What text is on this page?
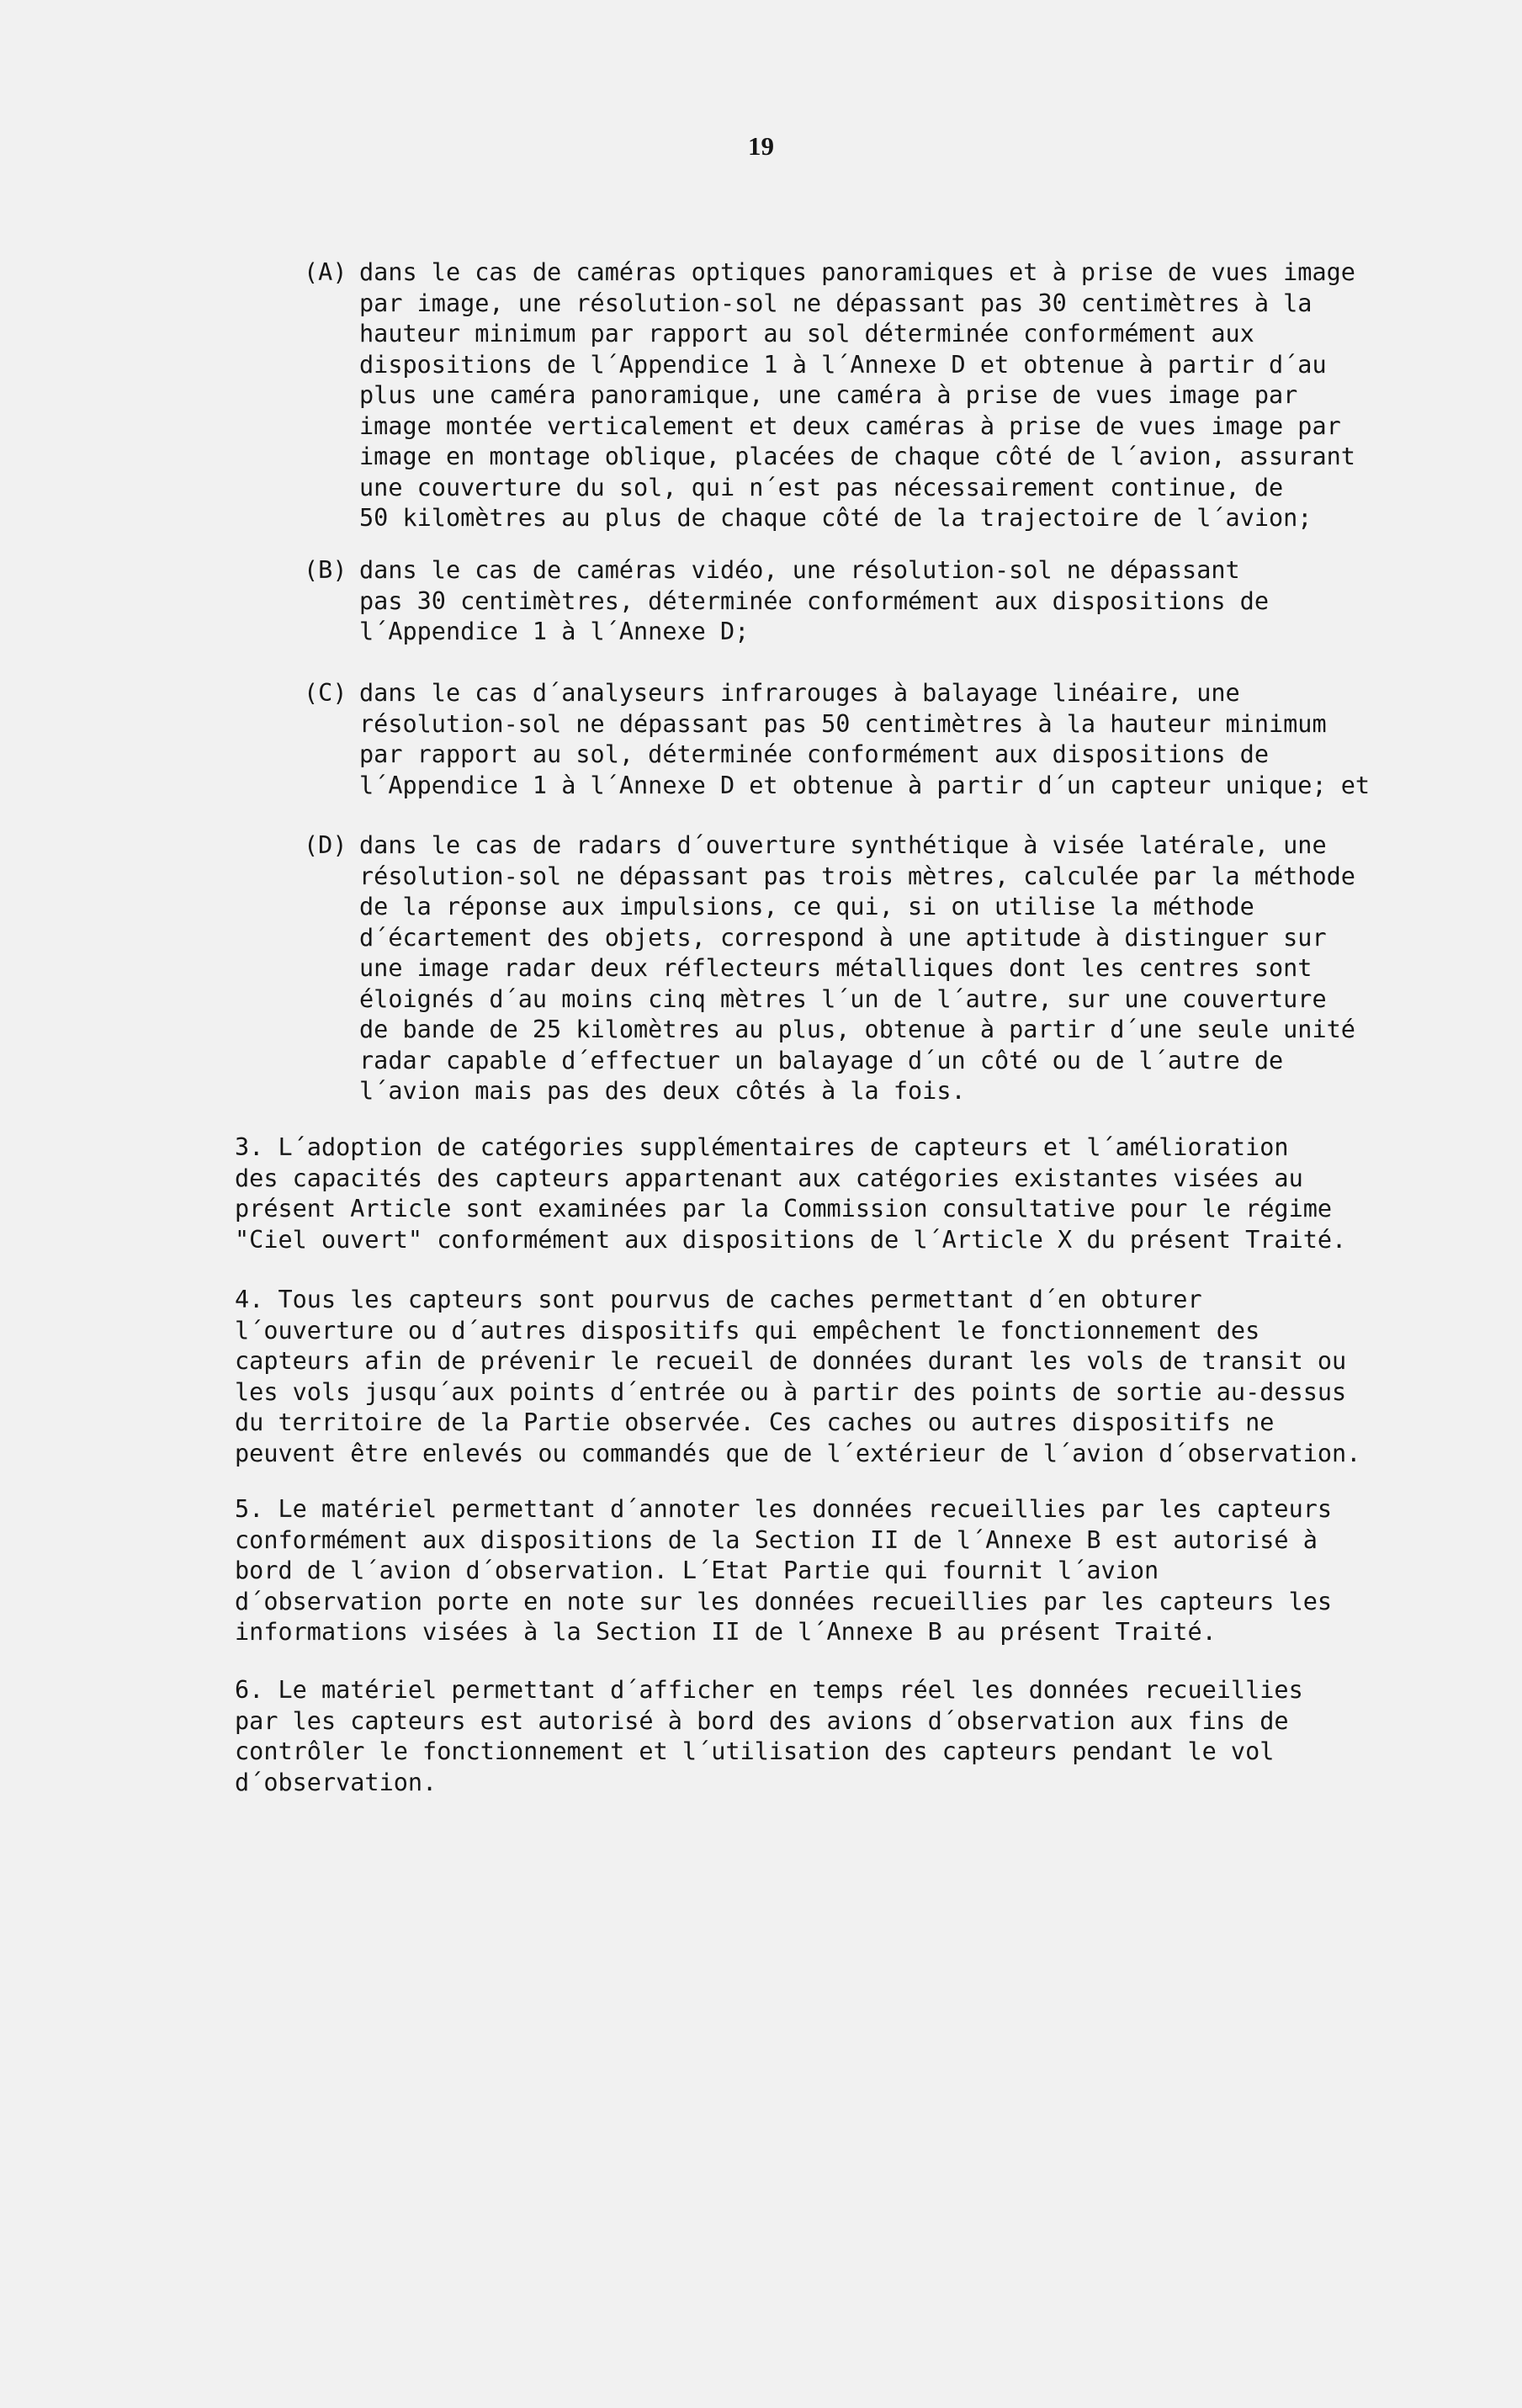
19
(A) dans le cas de caméras optiques panoramiques et à prise de vues image
par image, une résolution-sol ne dépassant pas 30 centimètres à la
hauteur minimum par rapport au sol déterminée conformément aux
dispositions de l´Appendice 1 à l´Annexe D et obtenue à partir d´au
plus une caméra panoramique, une caméra à prise de vues image par
image montée verticalement et deux caméras à prise de vues image par
image en montage oblique, placées de chaque côté de l´avion, assurant
une couverture du sol, qui n´est pas nécessairement continue, de
50 kilomètres au plus de chaque côté de la trajectoire de l´avion;
(B) dans le cas de caméras vidéo, une résolution-sol ne dépassant
pas 30 centimètres, déterminée conformément aux dispositions de
l´Appendice 1 à l´Annexe D;
(C) dans le cas d´analyseurs infrarouges à balayage linéaire, une
résolution-sol ne dépassant pas 50 centimètres à la hauteur minimum
par rapport au sol, déterminée conformément aux dispositions de
l´Appendice 1 à l´Annexe D et obtenue à partir d´un capteur unique; et
(D) dans le cas de radars d´ouverture synthétique à visée latérale, une
résolution-sol ne dépassant pas trois mètres, calculée par la méthode
de la réponse aux impulsions, ce qui, si on utilise la méthode
d´écartement des objets, correspond à une aptitude à distinguer sur
une image radar deux réflecteurs métalliques dont les centres sont
éloignés d´au moins cinq mètres l´un de l´autre, sur une couverture
de bande de 25 kilomètres au plus, obtenue à partir d´une seule unité
radar capable d´effectuer un balayage d´un côté ou de l´autre de
l´avion mais pas des deux côtés à la fois.
3. L´adoption de catégories supplémentaires de capteurs et l´amélioration
des capacités des capteurs appartenant aux catégories existantes visées au
présent Article sont examinées par la Commission consultative pour le régime
"Ciel ouvert" conformément aux dispositions de l´Article X du présent Traité.
4. Tous les capteurs sont pourvus de caches permettant d´en obturer
l´ouverture ou d´autres dispositifs qui empêchent le fonctionnement des
capteurs afin de prévenir le recueil de données durant les vols de transit ou
les vols jusqu´aux points d´entrée ou à partir des points de sortie au-dessus
du territoire de la Partie observée. Ces caches ou autres dispositifs ne
peuvent être enlevés ou commandés que de l´extérieur de l´avion d´observation.
5. Le matériel permettant d´annoter les données recueillies par les capteurs
conformément aux dispositions de la Section II de l´Annexe B est autorisé à
bord de l´avion d´observation. L´Etat Partie qui fournit l´avion
d´observation porte en note sur les données recueillies par les capteurs les
informations visées à la Section II de l´Annexe B au présent Traité.
6. Le matériel permettant d´afficher en temps réel les données recueillies
par les capteurs est autorisé à bord des avions d´observation aux fins de
contrôler le fonctionnement et l´utilisation des capteurs pendant le vol
d´observation.
